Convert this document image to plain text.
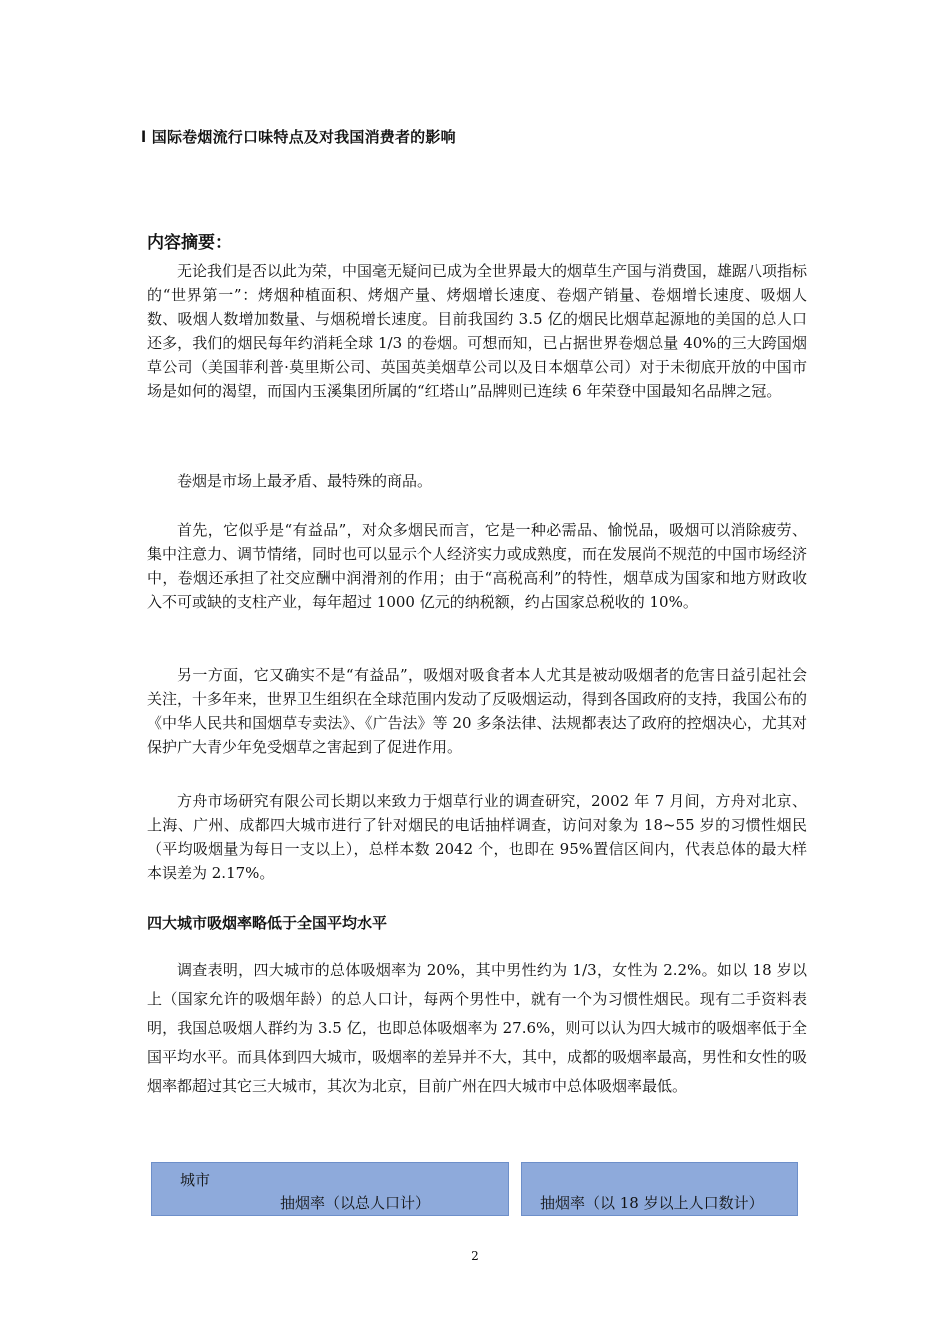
l 国际卷烟流行口味特点及对我国消费者的影响
内容摘要：

无论我们是否以此为荣，中国毫无疑问已成为全世界最大的烟草生产国与消费国，雄踞八项指标的“世界第一”：烤烟种植面积、烤烟产量、烤烟增长速度、卷烟产销量、卷烟增长速度、吸烟人数、吸烟人数增加数量、与烟税增长速度。目前我国约 3.5 亿的烟民比烟草起源地的美国的总人口还多，我们的烟民每年约消耗全球 1/3 的卷烟。可想而知，已占据世界卷烟总量 40%的三大跨国烟草公司（美国菲利普·莫里斯公司、英国英美烟草公司以及日本烟草公司）对于未彻底开放的中国市场是如何的渴望，而国内玉溪集团所属的“红塔山”品牌则已连续 6 年荣登中国最知名品牌之冠。

卷烟是市场上最矛盾、最特殊的商品。

首先，它似乎是“有益品”，对众多烟民而言，它是一种必需品、愉悦品，吸烟可以消除疲劳、集中注意力、调节情绪，同时也可以显示个人经济实力或成熟度，而在发展尚不规范的中国市场经济中，卷烟还承担了社交应酬中润滑剂的作用；由于“高税高利”的特性，烟草成为国家和地方财政收入不可或缺的支柱产业，每年超过 1000 亿元的纳税额，约占国家总税收的 10%。

另一方面，它又确实不是“有益品”，吸烟对吸食者本人尤其是被动吸烟者的危害日益引起社会关注，十多年来，世界卫生组织在全球范围内发动了反吸烟运动，得到各国政府的支持，我国公布的《中华人民共和国烟草专卖法》、《广告法》等 20 多条法律、法规都表达了政府的控烟决心，尤其对保护广大青少年免受烟草之害起到了促进作用。

方舟市场研究有限公司长期以来致力于烟草行业的调查研究，2002 年 7 月间，方舟对北京、上海、广州、成都四大城市进行了针对烟民的电话抽样调查，访问对象为 18~55 岁的习惯性烟民（平均吸烟量为每日一支以上），总样本数 2042 个，也即在 95%置信区间内，代表总体的最大样本误差为 2.17%。

四大城市吸烟率略低于全国平均水平

调查表明，四大城市的总体吸烟率为 20%，其中男性约为 1/3，女性为 2.2%。如以 18 岁以上（国家允许的吸烟年龄）的总人口计，每两个男性中，就有一个为习惯性烟民。现有二手资料表明，我国总吸烟人群约为 3.5 亿，也即总体吸烟率为 27.6%，则可以认为四大城市的吸烟率低于全国平均水平。而具体到四大城市，吸烟率的差异并不大，其中，成都的吸烟率最高，男性和女性的吸烟率都超过其它三大城市，其次为北京，目前广州在四大城市中总体吸烟率最低。

城市
抽烟率（以总人口计）	抽烟率（以 18 岁以上人口数计）
2
